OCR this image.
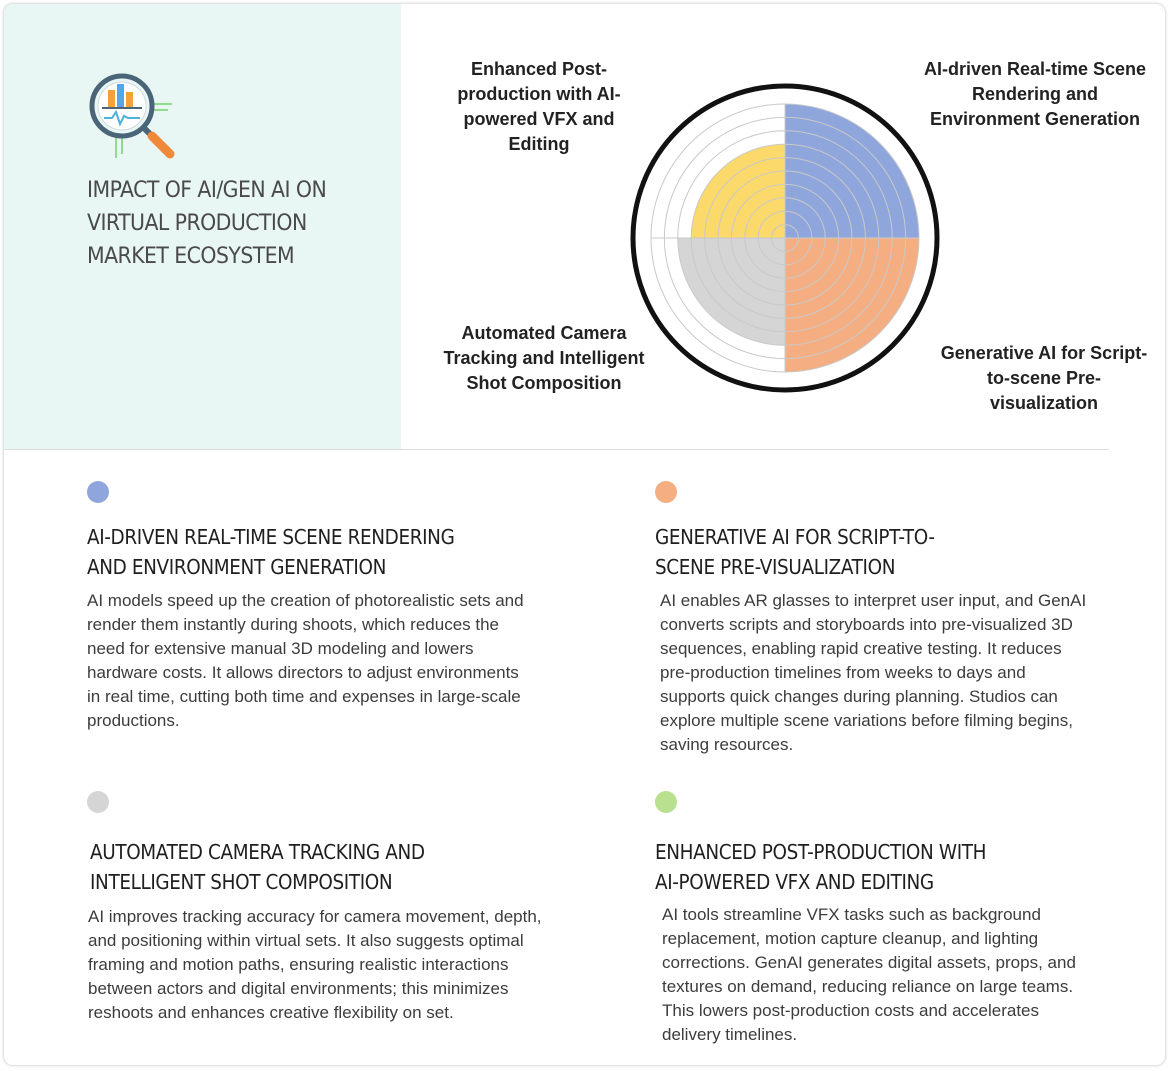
IMPACT OF AI/GEN AI ON
VIRTUAL PRODUCTION
MARKET ECOSYSTEM
Enhanced Post-
production with AI-
powered VFX and Editing
AI-driven Real-time Scene
Rendering and
Environment Generation
Automated Camera
Tracking and Intelligent
Shot Composition
Generative AI for Script-
to-scene Pre-
visualization
AI-DRIVEN REAL-TIME SCENE RENDERING
AND ENVIRONMENT GENERATION

AI models speed up the creation of photorealistic sets and
render them instantly during shoots, which reduces the
need for extensive manual 3D modeling and lowers
hardware costs. It allows directors to adjust environments
in real time, cutting both time and expenses in large-scale
productions.

GENERATIVE AI FOR SCRIPT-TO-
SCENE PRE-VISUALIZATION

AI enables AR glasses to interpret user input, and GenAI
converts scripts and storyboards into pre-visualized 3D
sequences, enabling rapid creative testing. It reduces
pre-production timelines from weeks to days and
supports quick changes during planning. Studios can
explore multiple scene variations before filming begins,
saving resources.

AUTOMATED CAMERA TRACKING AND
INTELLIGENT SHOT COMPOSITION

AI improves tracking accuracy for camera movement, depth,
and positioning within virtual sets. It also suggests optimal
framing and motion paths, ensuring realistic interactions
between actors and digital environments; this minimizes
reshoots and enhances creative flexibility on set.

ENHANCED POST-PRODUCTION WITH
AI-POWERED VFX AND EDITING

AI tools streamline VFX tasks such as background
replacement, motion capture cleanup, and lighting
corrections. GenAI generates digital assets, props, and
textures on demand, reducing reliance on large teams.
This lowers post-production costs and accelerates
delivery timelines.
